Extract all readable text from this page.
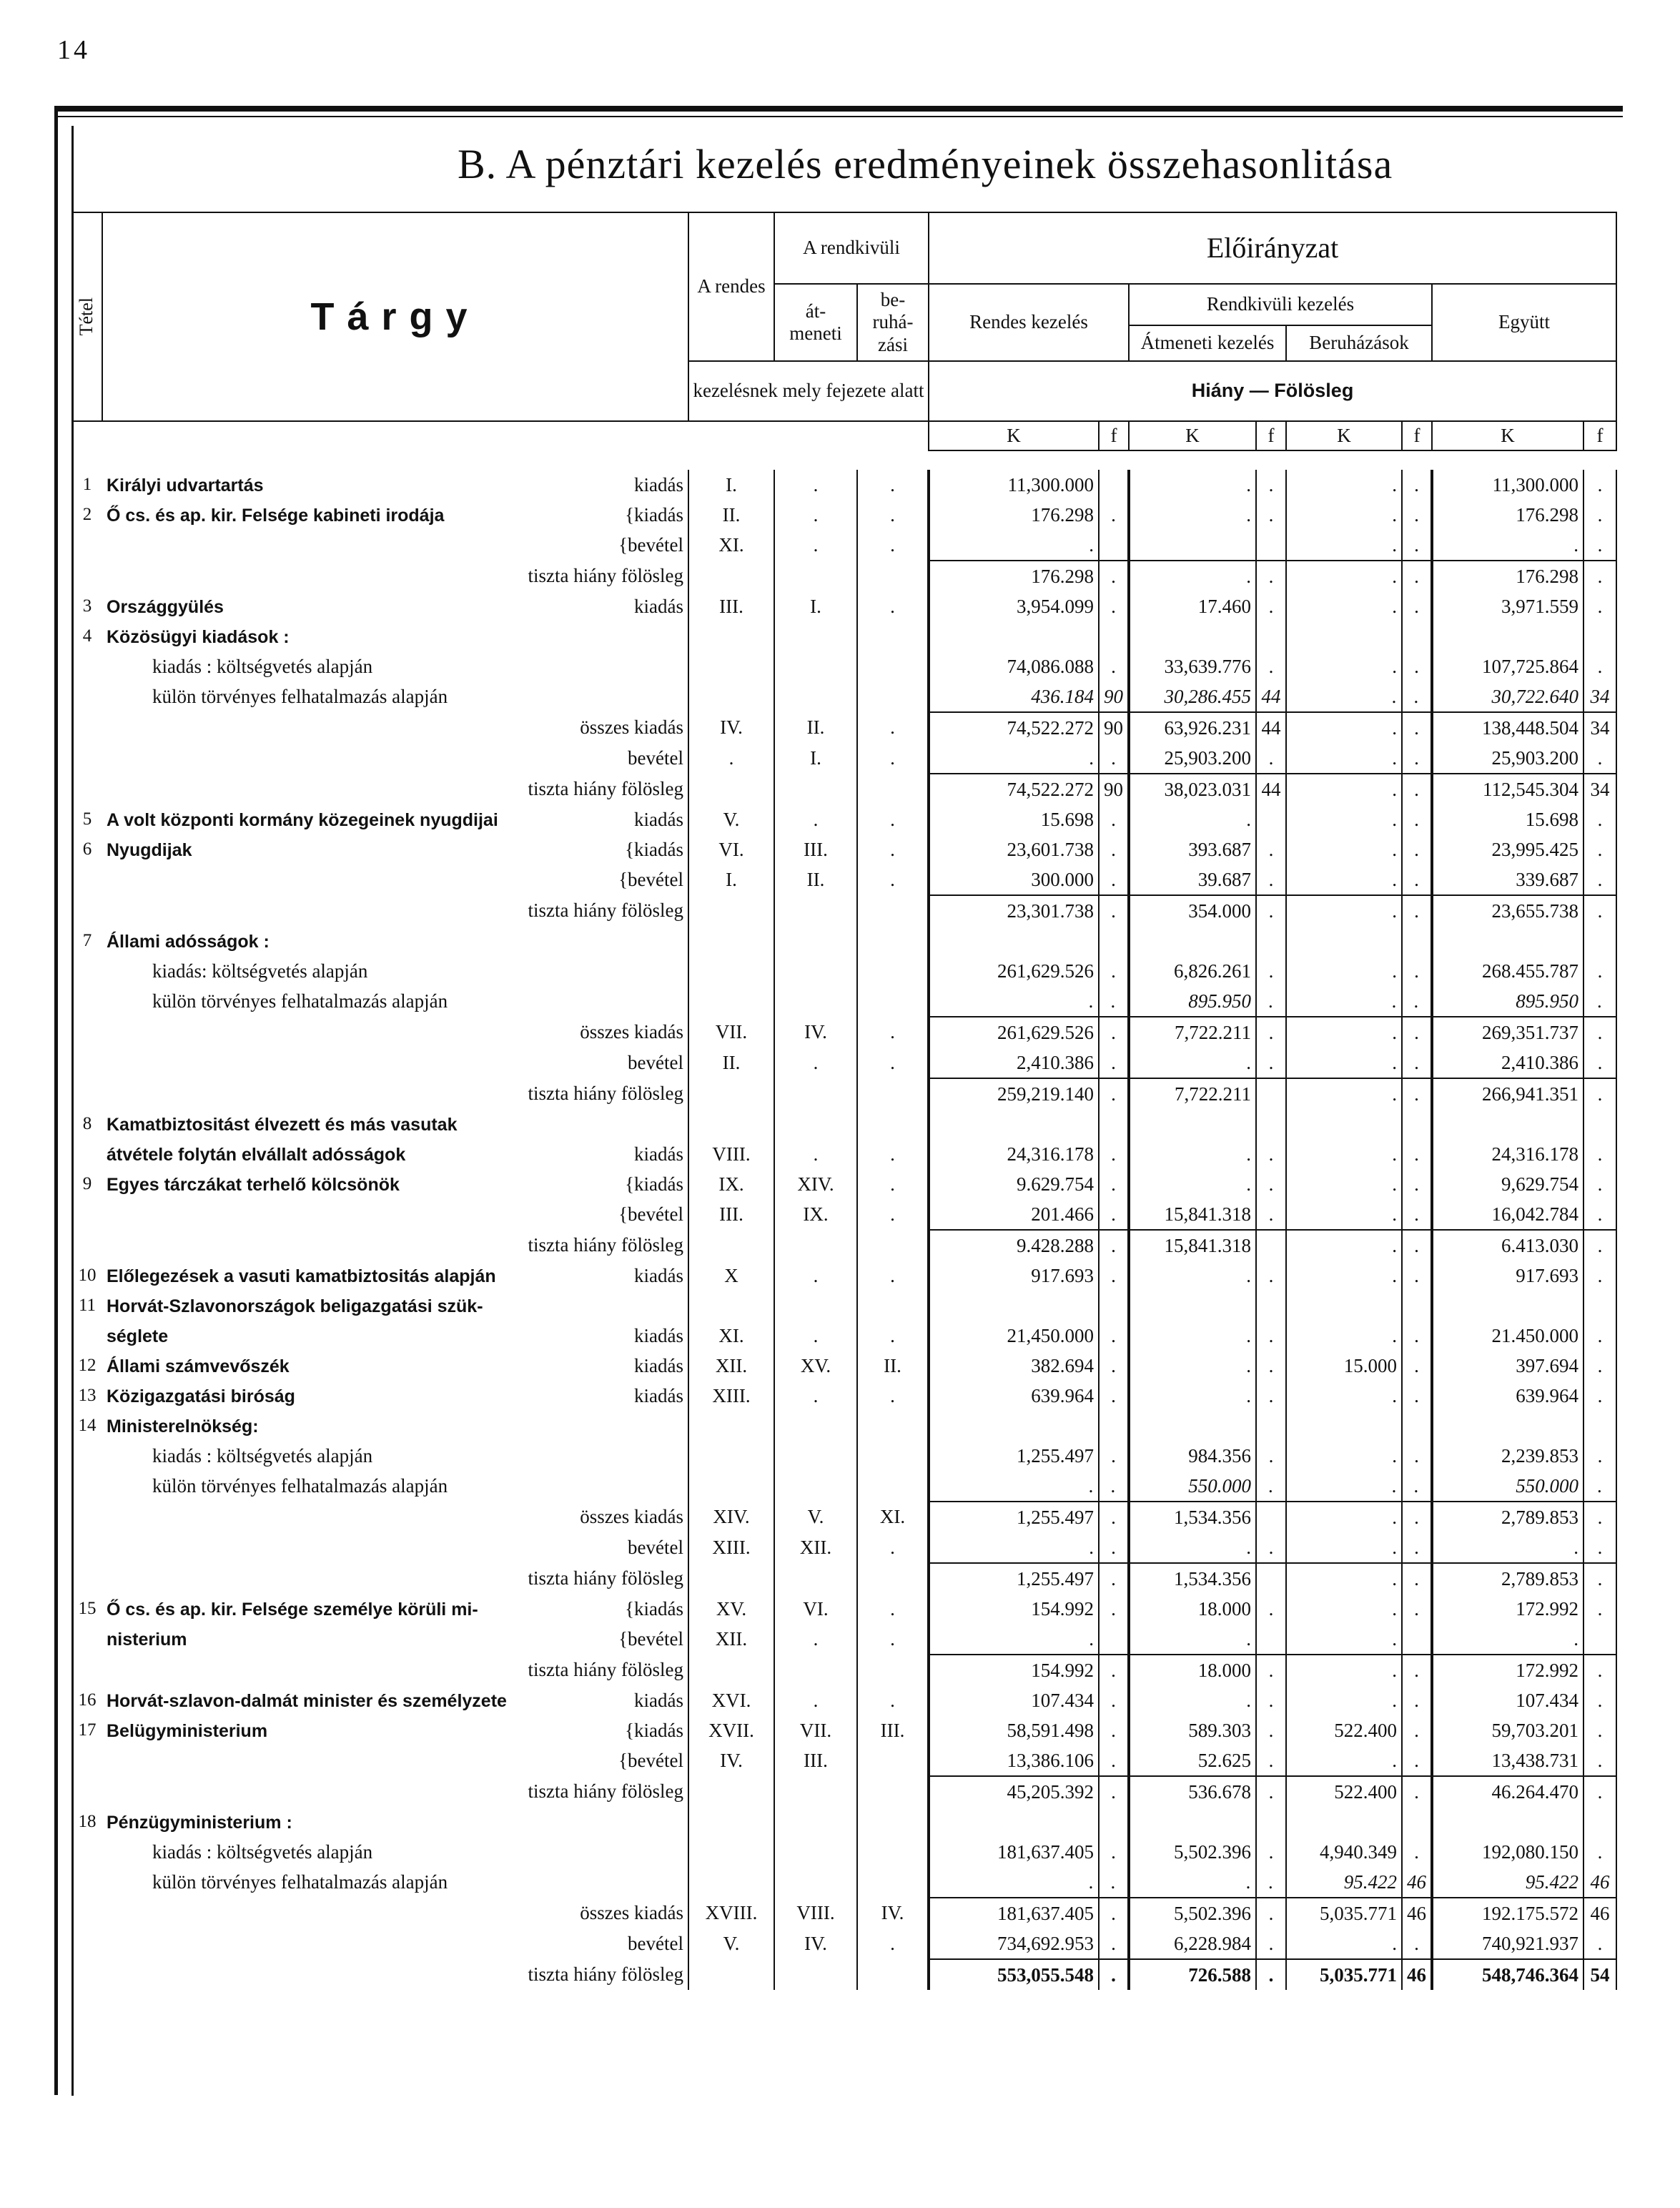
14
B. A pénztári kezelés eredményeinek összehasonlitása
Tétel	Tárgy	A rendes	A rendkivüli		Előirányzat							
			át- meneti	be- ruhá- zási	Rendes kezelés		Rendkivüli kezelés				Együtt	
							Átmeneti kezelés		Beruházások			
		kezelésnek mely fejezete alatt			Hiány — Fölösleg							
					K	f	K	f	K	f	K	f

1	Királyi udvartartás kiadás	I.	.	.	11,300.000		.	.	.	.	11,300.000	.
2	Ő cs. és ap. kir. Felsége kabineti irodája {kiadás	II.	.	.	176.298	.	.	.	.	.	176.298	.

	{bevétel	XI.	.	.	.				.	.	.	.
	tiszta hiány fölösleg				176.298	.	.	.	.	.	176.298	.
3	Országgyülés kiadás	III.	I.	.	3,954.099	.	17.460	.	.	.	3,971.559	.
4	Közösügyi kiadások :

	kiadás : költségvetés alapján				74,086.088	.	33,639.776	.	.	.	107,725.864	.
	külön törvényes felhatalmazás alapján				436.184	90	30,286.455	44	.	.	30,722.640	34
	összes kiadás	IV.	II.	.	74,522.272	90	63,926.231	44	.	.	138,448.504	34
	bevétel	.	I.	.	.	.	25,903.200	.	.	.	25,903.200	.
	tiszta hiány fölösleg				74,522.272	90	38,023.031	44	.	.	112,545.304	34
5	A volt központi kormány közegeinek nyugdijai kiadás	V.	.	.	15.698	.	.		.	.	15.698	.
6	Nyugdijak {kiadás	VI.	III.	.	23,601.738	.	393.687	.	.	.	23,995.425	.

	{bevétel	I.	II.	.	300.000	.	39.687	.	.	.	339.687	.
	tiszta hiány fölösleg				23,301.738	.	354.000	.	.	.	23,655.738	.
7	Állami adósságok :

	kiadás: költségvetés alapján				261,629.526	.	6,826.261	.	.	.	268.455.787	.
	külön törvényes felhatalmazás alapján				.	.	895.950	.	.	.	895.950	.
	összes kiadás	VII.	IV.	.	261,629.526	.	7,722.211	.	.	.	269,351.737	.
	bevétel	II.	.	.	2,410.386	.	.	.	.	.	2,410.386	.
	tiszta hiány fölösleg				259,219.140	.	7,722.211		.	.	266,941.351	.
8	Kamatbiztositást élvezett és más vasutak

	átvétele folytán elvállalt adósságok kiadás	VIII.	.	.	24,316.178	.	.	.	.	.	24,316.178	.
9	Egyes tárczákat terhelő kölcsönök {kiadás	IX.	XIV.	.	9.629.754	.	.	.	.	.	9,629.754	.

	{bevétel	III.	IX.	.	201.466	.	15,841.318	.	.	.	16,042.784	.
	tiszta hiány fölösleg				9.428.288	.	15,841.318		.	.	6.413.030	.
10	Előlegezések a vasuti kamatbiztositás alapján kiadás	X	.	.	917.693	.	.	.	.	.	917.693	.
11	Horvát-Szlavonországok beligazgatási szük-

	séglete kiadás	XI.	.	.	21,450.000	.	.	.	.	.	21.450.000	.
12	Állami számvevőszék kiadás	XII.	XV.	II.	382.694	.	.	.	15.000	.	397.694	.
13	Közigazgatási biróság kiadás	XIII.	.	.	639.964	.	.	.	.	.	639.964	.
14	Ministerelnökség:

	kiadás : költségvetés alapján				1,255.497	.	984.356	.	.	.	2,239.853	.
	külön törvényes felhatalmazás alapján				.	.	550.000	.	.	.	550.000	.
	összes kiadás	XIV.	V.	XI.	1,255.497	.	1,534.356		.	.	2,789.853	.
	bevétel	XIII.	XII.	.	.	.	.	.	.	.	.	.
	tiszta hiány fölösleg				1,255.497	.	1,534.356		.	.	2,789.853	.
15	Ő cs. és ap. kir. Felsége személye körüli mi- {kiadás	XV.	VI.	.	154.992	.	18.000	.	.	.	172.992	.
	nisterium {bevétel	XII.	.	.	.		.		.		.	
	tiszta hiány fölösleg				154.992	.	18.000	.	.	.	172.992	.
16	Horvát-szlavon-dalmát minister és személyzete kiadás	XVI.	.	.	107.434	.	.	.	.	.	107.434	.
17	Belügyministerium {kiadás	XVII.	VII.	III.	58,591.498	.	589.303	.	522.400	.	59,703.201	.

	{bevétel	IV.	III.		13,386.106	.	52.625	.	.	.	13,438.731	.
	tiszta hiány fölösleg				45,205.392	.	536.678	.	522.400	.	46.264.470	.
18	Pénzügyministerium :

	kiadás : költségvetés alapján				181,637.405	.	5,502.396	.	4,940.349	.	192,080.150	.
	külön törvényes felhatalmazás alapján				.	.	.	.	95.422	46	95.422	46
	összes kiadás	XVIII.	VIII.	IV.	181,637.405	.	5,502.396	.	5,035.771	46	192.175.572	46
	bevétel	V.	IV.	.	734,692.953	.	6,228.984	.	.	.	740,921.937	.
	tiszta hiány fölösleg				553,055.548	.	726.588	.	5,035.771	46	548,746.364	54
